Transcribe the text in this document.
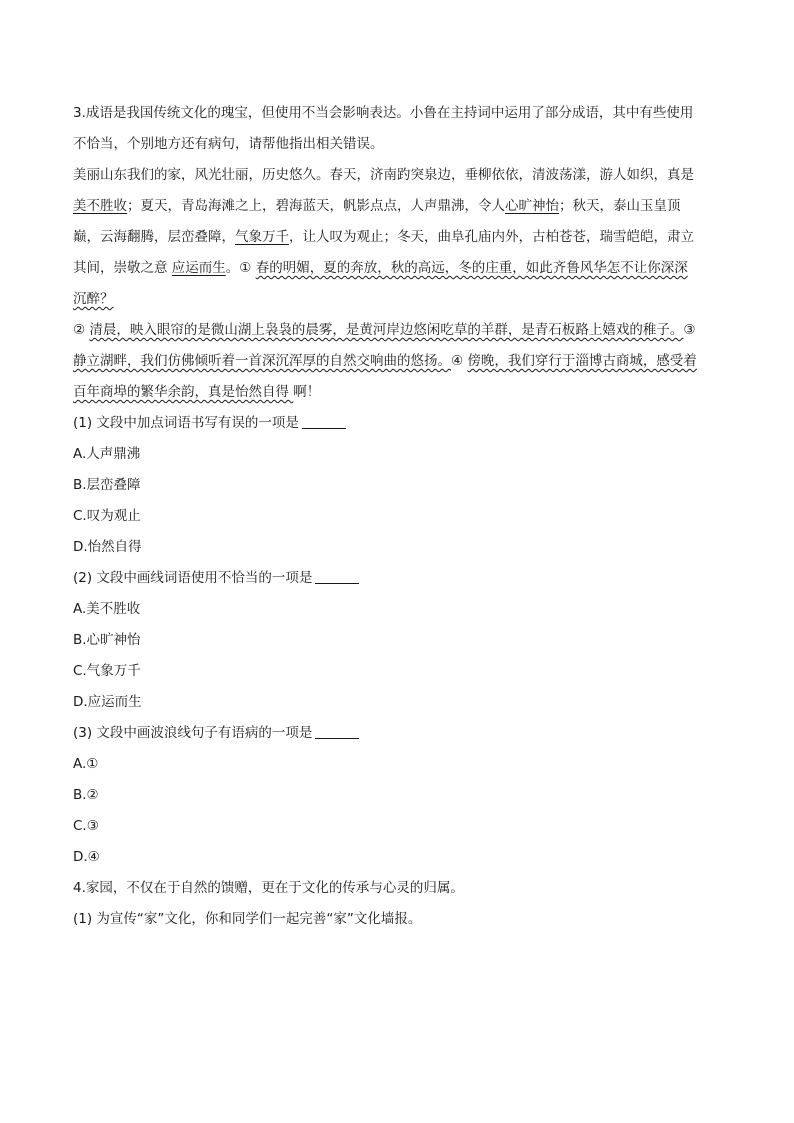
3.成语是我国传统文化的瑰宝，但使用不当会影响表达。小鲁在主持词中运用了部分成语，其中有些使用
不恰当，个别地方还有病句，请帮他指出相关错误。
美丽山东我们的家，风光壮丽，历史悠久。春天，济南趵突泉边，垂柳依依，清波荡漾，游人如织，真是
美不胜收；夏天，青岛海滩之上，碧海蓝天，帆影点点，人声鼎沸，令人心旷神怡；秋天，泰山玉皇顶
巅，云海翻腾，层峦叠障，气象万千，让人叹为观止；冬天，曲阜孔庙内外，古柏苍苍，瑞雪皑皑，肃立
其间，崇敬之意 应运而生。① 春的明媚，夏的奔放，秋的高远，冬的庄重，如此齐鲁风华怎不让你深深
沉醉？
② 清晨，映入眼帘的是微山湖上袅袅的晨雾，是黄河岸边悠闲吃草的羊群，是青石板路上嬉戏的稚子。③
静立湖畔，我们仿佛倾听着一首深沉浑厚的自然交响曲的悠扬。④ 傍晚，我们穿行于淄博古商城，感受着
百年商埠的繁华余韵，真是怡然自得 啊！
(1) 文段中加点词语书写有误的一项是
A.人声鼎沸
B.层峦叠障
C.叹为观止
D.怡然自得
(2) 文段中画线词语使用不恰当的一项是
A.美不胜收
B.心旷神怡
C.气象万千
D.应运而生
(3) 文段中画波浪线句子有语病的一项是
A.①
B.②
C.③
D.④
4.家园，不仅在于自然的馈赠，更在于文化的传承与心灵的归属。
(1) 为宣传“家”文化，你和同学们一起完善“家”文化墙报。
